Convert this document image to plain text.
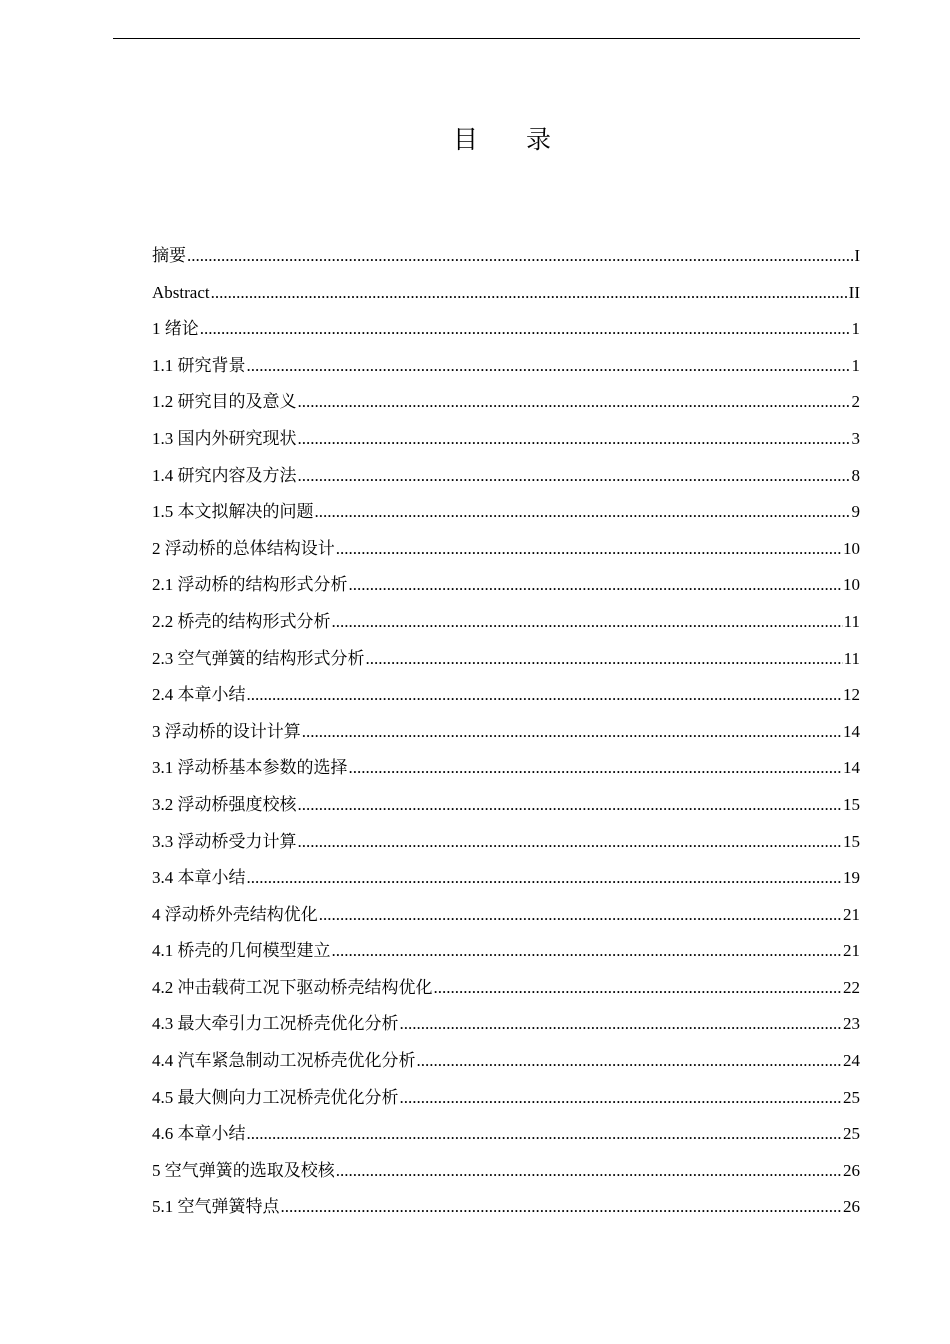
目 录
摘要 .....	I
Abstract .....	II
1 绪论 .....	1
1.1 研究背景 .....	1
1.2 研究目的及意义 .....	2
1.3 国内外研究现状 .....	3
1.4 研究内容及方法 .....	8
1.5 本文拟解决的问题 .....	9
2 浮动桥的总体结构设计 .....	10
2.1 浮动桥的结构形式分析 .....	10
2.2 桥壳的结构形式分析 .....	11
2.3 空气弹簧的结构形式分析 .....	11
2.4 本章小结 .....	12
3 浮动桥的设计计算 .....	14
3.1 浮动桥基本参数的选择 .....	14
3.2 浮动桥强度校核 .....	15
3.3 浮动桥受力计算 .....	15
3.4 本章小结 .....	19
4 浮动桥外壳结构优化 .....	21
4.1 桥壳的几何模型建立 .....	21
4.2 冲击载荷工况下驱动桥壳结构优化 .....	22
4.3 最大牵引力工况桥壳优化分析 .....	23
4.4 汽车紧急制动工况桥壳优化分析 .....	24
4.5 最大侧向力工况桥壳优化分析 .....	25
4.6 本章小结 .....	25
5 空气弹簧的选取及校核 .....	26
5.1 空气弹簧特点 .....	26
